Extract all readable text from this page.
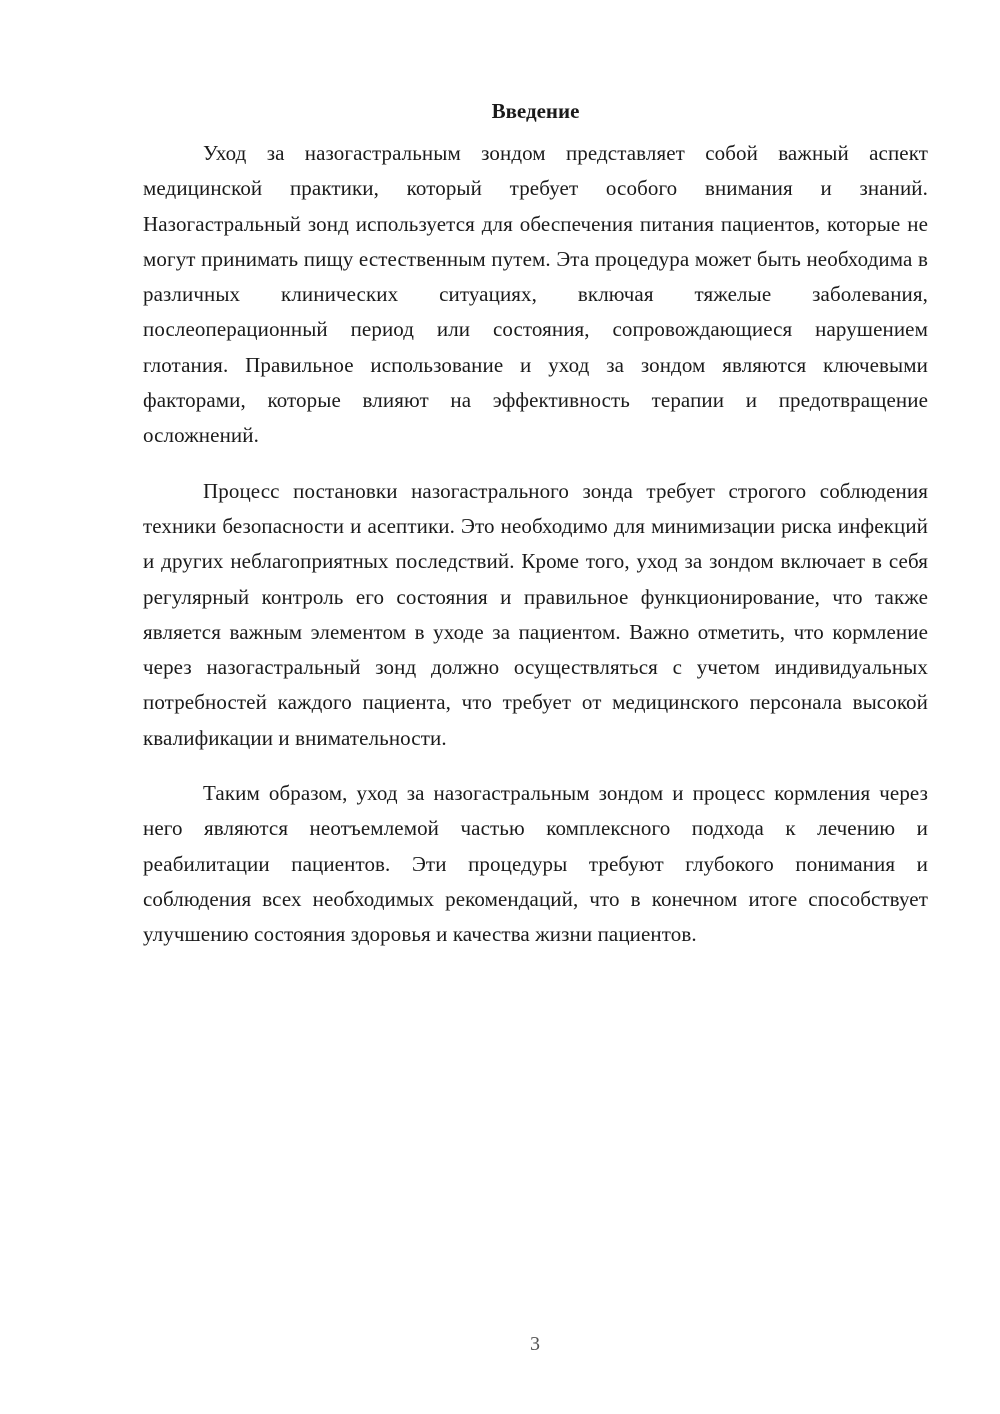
Введение

Уход за назогастральным зондом представляет собой важный аспект медицинской практики, который требует особого внимания и знаний. Назогастральный зонд используется для обеспечения питания пациентов, которые не могут принимать пищу естественным путем. Эта процедура может быть необходима в различных клинических ситуациях, включая тяжелые заболевания, послеоперационный период или состояния, сопровождающиеся нарушением глотания. Правильное использование и уход за зондом являются ключевыми факторами, которые влияют на эффективность терапии и предотвращение осложнений.

Процесс постановки назогастрального зонда требует строгого соблюдения техники безопасности и асептики. Это необходимо для минимизации риска инфекций и других неблагоприятных последствий. Кроме того, уход за зондом включает в себя регулярный контроль его состояния и правильное функционирование, что также является важным элементом в уходе за пациентом. Важно отметить, что кормление через назогастральный зонд должно осуществляться с учетом индивидуальных потребностей каждого пациента, что требует от медицинского персонала высокой квалификации и внимательности.

Таким образом, уход за назогастральным зондом и процесс кормления через него являются неотъемлемой частью комплексного подхода к лечению и реабилитации пациентов. Эти процедуры требуют глубокого понимания и соблюдения всех необходимых рекомендаций, что в конечном итоге способствует улучшению состояния здоровья и качества жизни пациентов.

3
